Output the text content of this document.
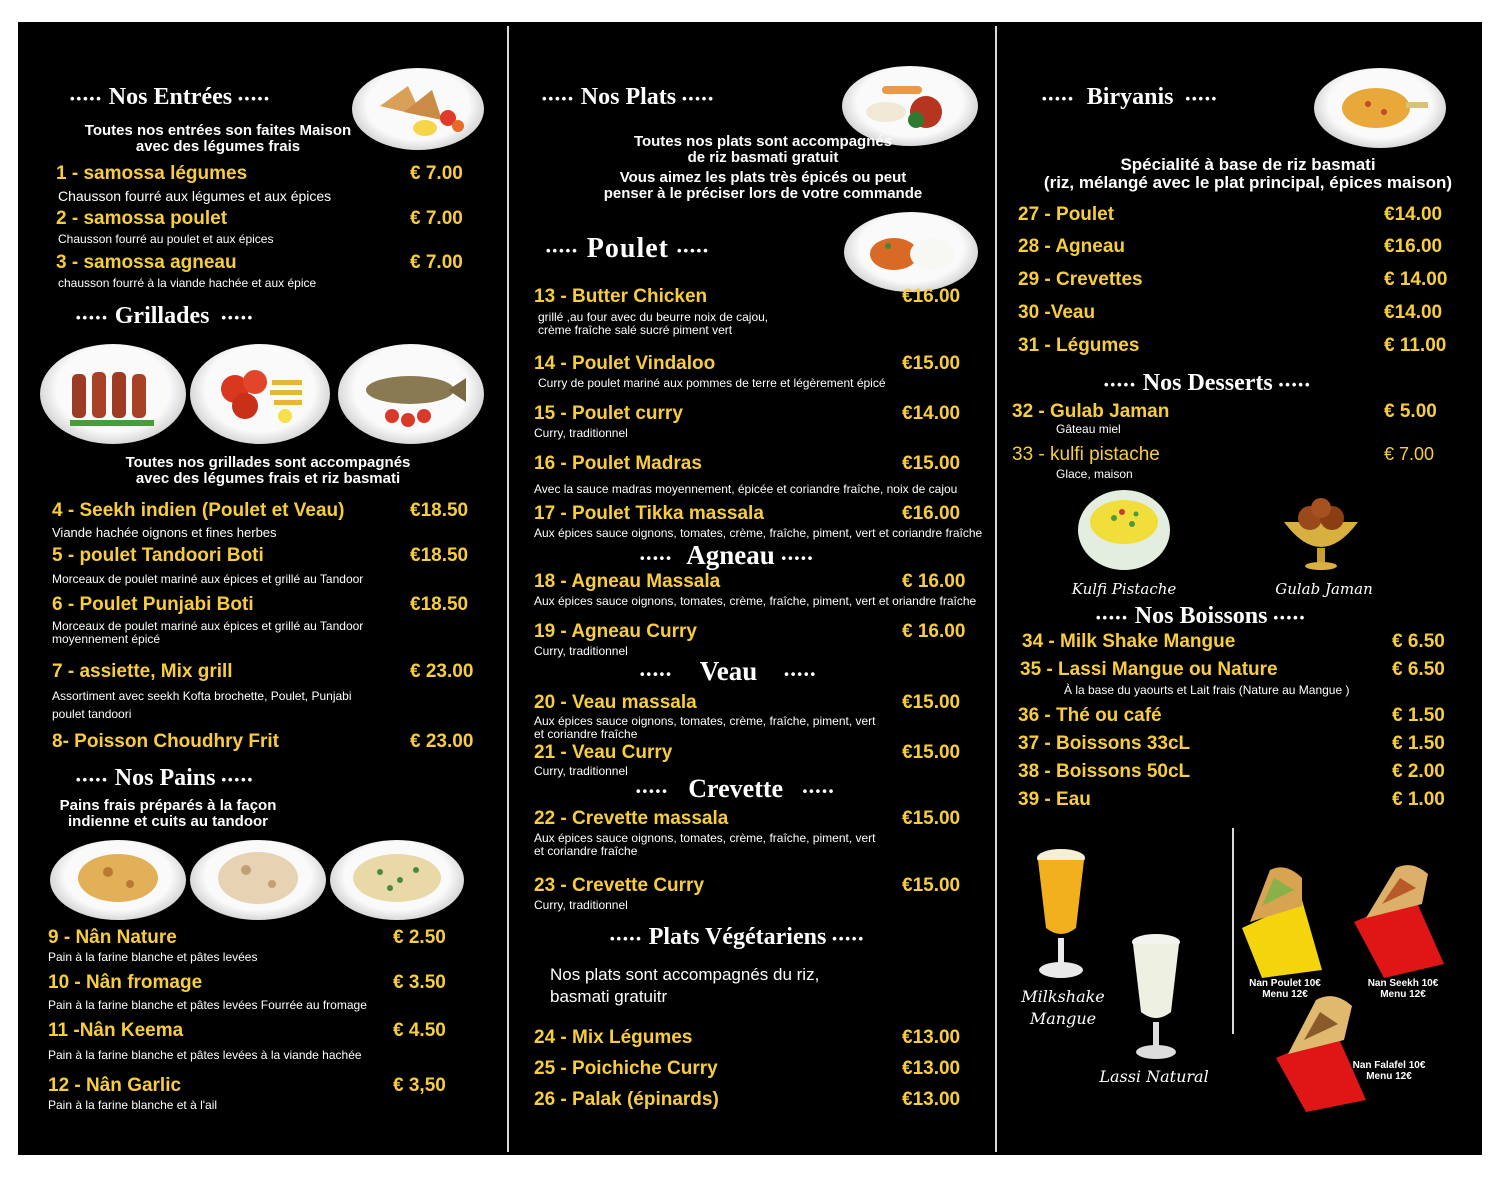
••••• Nos Entrées •••••
Toutes nos entrées son faites Maison
avec des légumes frais
1 - samossa légumes	€ 7.00
Chausson fourré aux légumes et aux épices
2 - samossa poulet	€ 7.00
Chausson fourré au poulet et aux épices
3 - samossa agneau	€ 7.00
chausson fourré à la viande hachée et aux épice
••••• Grillades •••••
Toutes nos grillades sont accompagnés
avec des légumes frais et riz basmati
4 - Seekh indien (Poulet et Veau)	€18.50
Viande hachée oignons et fines herbes
5 - poulet Tandoori Boti	€18.50
Morceaux de poulet mariné aux épices et grillé au Tandoor
6 - Poulet Punjabi Boti	€18.50
Morceaux de poulet mariné aux épices et grillé au Tandoor
moyennement épicé
7 - assiette, Mix grill	€ 23.00
Assortiment avec seekh Kofta brochette, Poulet, Punjabi
poulet tandoori
8- Poisson Choudhry Frit	€ 23.00
••••• Nos Pains •••••
Pains frais préparés à la façon
indienne et cuits au tandoor
9 - Nân Nature	€ 2.50
Pain à la farine blanche et pâtes levées
10 - Nân fromage	€ 3.50
Pain à la farine blanche et pâtes levées Fourrée au fromage
11 -Nân Keema	€ 4.50
Pain à la farine blanche et pâtes levées à la viande hachée
12 - Nân Garlic	€ 3,50
Pain à la farine blanche et à l'ail
••••• Nos Plats •••••
Toutes nos plats sont accompagnés
de riz basmati gratuit
Vous aimez les plats très épicés ou peut
penser à le préciser lors de votre commande
••••• Poulet •••••
13 - Butter Chicken	€16.00
grillé ,au four avec du beurre noix de cajou,
crème fraîche salé sucré piment vert
14 - Poulet Vindaloo	€15.00
Curry de poulet mariné aux pommes de terre et légèrement épicé
15 - Poulet curry	€14.00
Curry, traditionnel
16 - Poulet Madras	€15.00
Avec la sauce madras moyennement, épicée et coriandre fraîche, noix de cajou
17 - Poulet Tikka massala	€16.00
Aux épices sauce oignons, tomates, crème, fraîche, piment, vert et coriandre fraîche
••••• Agneau •••••
18 - Agneau Massala	€ 16.00
Aux épices sauce oignons, tomates, crème, fraîche, piment, vert et oriandre fraîche
19 - Agneau Curry	€ 16.00
Curry, traditionnel
••••• Veau •••••
20 - Veau massala	€15.00
Aux épices sauce oignons, tomates, crème, fraîche, piment, vert
et coriandre fraîche
21 - Veau Curry	€15.00
Curry, traditionnel
••••• Crevette •••••
22 - Crevette massala	€15.00
Aux épices sauce oignons, tomates, crème, fraîche, piment, vert
et coriandre fraîche
23 - Crevette Curry	€15.00
Curry, traditionnel
••••• Plats Végétariens •••••
Nos plats sont accompagnés du riz,
basmati gratuitr
24 - Mix Légumes	€13.00
25 - Poichiche Curry	€13.00
26 - Palak (épinards)	€13.00
••••• Biryanis •••••
Spécialité à base de riz basmati
(riz, mélangé avec le plat principal, épices maison)
27 - Poulet	€14.00
28 - Agneau	€16.00
29 - Crevettes	€ 14.00
30 -Veau	€14.00
31 - Légumes	€ 11.00
••••• Nos Desserts •••••
32 - Gulab Jaman	€ 5.00
Gâteau miel
33 - kulfi pistache	€ 7.00
Glace, maison
Kulfi Pistache	Gulab Jaman
••••• Nos Boissons •••••
34 - Milk Shake Mangue	€ 6.50
35 - Lassi Mangue ou Nature	€ 6.50
À la base du yaourts et Lait frais (Nature au Mangue )
36 - Thé ou café	€ 1.50
37 - Boissons 33cL	€ 1.50
38 - Boissons 50cL	€ 2.00
39 - Eau	€ 1.00
Milkshake
Mangue
Lassi Natural
Nan Poulet 10€
Menu 12€
Nan Seekh 10€
Menu 12€
Nan Falafel 10€
Menu 12€
